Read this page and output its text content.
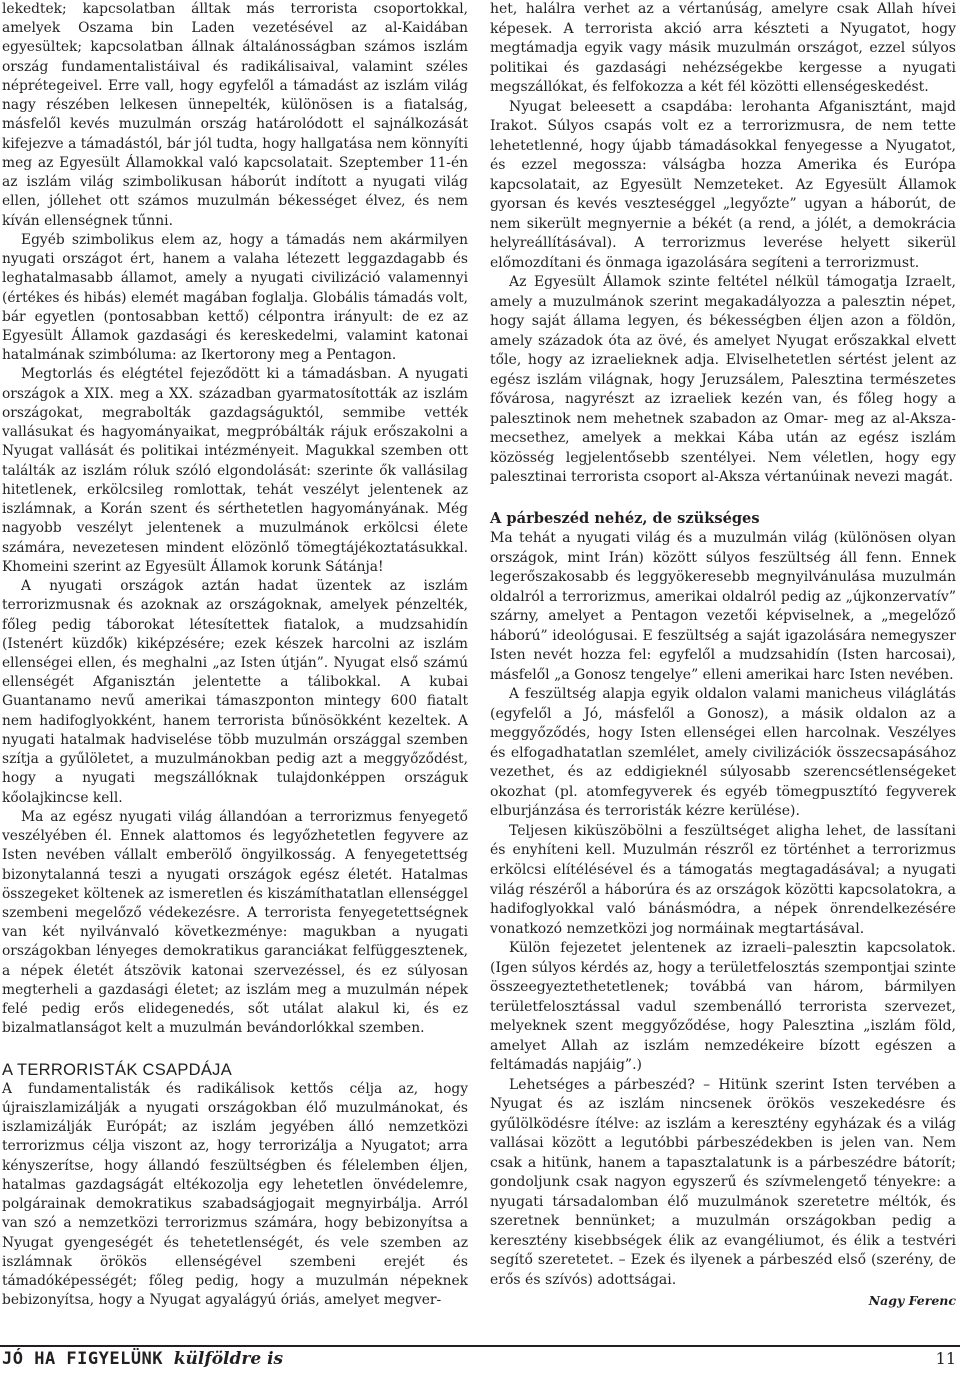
lekedtek; kapcsolatban álltak más terrorista csoportokkal, amelyek Oszama bin Laden vezetésével az al-Kaidában egyesültek; kapcsolatban állnak általánosságban számos iszlám ország fundamentalistáival és radikálisaival, valamint széles néprétegeivel. Erre vall, hogy egyfelől a támadást az iszlám világ nagy részében lelkesen ünnepelték, különösen is a fiatalság, másfelől kevés muzulmán ország határolódott el sajnálkozását kifejezve a támadástól, bár jól tudta, hogy hallgatása nem könnyíti meg az Egyesült Államokkal való kapcsolatait. Szeptember 11-én az iszlám világ szimbolikusan háborút indított a nyugati világ ellen, jóllehet ott számos muzulmán békességet élvez, és nem kíván ellenségnek tűnni.

Egyéb szimbolikus elem az, hogy a támadás nem akármilyen nyugati országot ért, hanem a valaha létezett leggazdagabb és leghatalmasabb államot, amely a nyugati civilizáció valamennyi (értékes és hibás) elemét magában foglalja. Globális támadás volt, bár egyetlen (pontosabban kettő) célpontra irányult: de ez az Egyesült Államok gazdasági és kereskedelmi, valamint katonai hatalmának szimbóluma: az Ikertorony meg a Pentagon.

Megtorlás és elégtétel fejeződött ki a támadásban. A nyugati országok a XIX. meg a XX. században gyarmatosították az iszlám országokat, megrabolták gazdagságuktól, semmibe vették vallásukat és hagyományaikat, megpróbálták rájuk erőszakolni a Nyugat vallását és politikai intézményeit. Magukkal szemben ott találták az iszlám róluk szóló elgondolását: szerinte ők vallásilag hitetlenek, erkölcsileg romlottak, tehát veszélyt jelentenek az iszlámnak, a Korán szent és sérthetetlen hagyományának. Még nagyobb veszélyt jelentenek a muzulmánok erkölcsi élete számára, nevezetesen mindent elözönlő tömegtájékoztatásukkal. Khomeini szerint az Egyesült Államok korunk Sátánja!

A nyugati országok aztán hadat üzentek az iszlám terrorizmusnak és azoknak az országoknak, amelyek pénzelték, főleg pedig táborokat létesítettek fiatalok, a mudzsahidín (Istenért küzdők) kiképzésére; ezek készek harcolni az iszlám ellenségei ellen, és meghalni „az Isten útján”. Nyugat első számú ellenségét Afganisztán jelentette a tálibokkal. A kubai Guantanamo nevű amerikai támaszponton mintegy 600 fiatalt nem hadifoglyokként, hanem terrorista bűnösökként kezeltek. A nyugati hatalmak hadviselése több muzulmán országgal szemben szítja a gyűlöletet, a muzulmánokban pedig azt a meggyőződést, hogy a nyugati megszállóknak tulajdonképpen országuk kőolajkincse kell.

Ma az egész nyugati világ állandóan a terrorizmus fenyegető veszélyében él. Ennek alattomos és legyőzhetetlen fegyvere az Isten nevében vállalt emberölő öngyilkosság. A fenyegetettség bizonytalanná teszi a nyugati országok egész életét. Hatalmas összegeket költenek az ismeretlen és kiszámíthatatlan ellenséggel szembeni megelőző védekezésre. A terrorista fenyegetettségnek van két nyilvánvaló következménye: magukban a nyugati országokban lényeges demokratikus garanciákat felfüggesztenek, a népek életét átszövik katonai szervezéssel, és ez súlyosan megterheli a gazdasági életet; az iszlám meg a muzulmán népek felé pedig erős elidegenedés, sőt utálat alakul ki, és ez bizalmatlanságot kelt a muzulmán bevándorlókkal szemben.

A TERRORISTÁK CSAPDÁJA

A fundamentalisták és radikálisok kettős célja az, hogy újraiszlamizálják a nyugati országokban élő muzulmánokat, és iszlamizálják Európát; az iszlám jegyében álló nemzetközi terrorizmus célja viszont az, hogy terrorizálja a Nyugatot; arra kényszerítse, hogy állandó feszültségben és félelemben éljen, hatalmas gazdagságát eltékozolja egy lehetetlen önvédelemre, polgárainak demokratikus szabadságjogait megnyirbálja. Arról van szó a nemzetközi terrorizmus számára, hogy bebizonyítsa a Nyugat gyengeségét és tehetetlenségét, és vele szemben az iszlámnak örökös ellenségével szembeni erejét és támadóképességét; főleg pedig, hogy a muzulmán népeknek bebizonyítsa, hogy a Nyugat agyalágyú óriás, amelyet megver-

het, halálra verhet az a vértanúság, amelyre csak Allah hívei képesek. A terrorista akció arra készteti a Nyugatot, hogy megtámadja egyik vagy másik muzulmán országot, ezzel súlyos politikai és gazdasági nehézségekbe kergesse a nyugati megszállókat, és felfokozza a két fél közötti ellenségeskedést.

Nyugat beleesett a csapdába: lerohanta Afganisztánt, majd Irakot. Súlyos csapás volt ez a terrorizmusra, de nem tette lehetetlenné, hogy újabb támadásokkal fenyegesse a Nyugatot, és ezzel megossza: válságba hozza Amerika és Európa kapcsolatait, az Egyesült Nemzeteket. Az Egyesült Államok gyorsan és kevés veszteséggel „legyőzte” ugyan a háborút, de nem sikerült megnyernie a békét (a rend, a jólét, a demokrácia helyreállításával). A terrorizmus leverése helyett sikerül előmozdítani és önmaga igazolására segíteni a terrorizmust.

Az Egyesült Államok szinte feltétel nélkül támogatja Izraelt, amely a muzulmánok szerint megakadályozza a palesztin népet, hogy saját állama legyen, és békességben éljen azon a földön, amely századok óta az övé, és amelyet Nyugat erőszakkal elvett tőle, hogy az izraelieknek adja. Elviselhetetlen sértést jelent az egész iszlám világnak, hogy Jeruzsálem, Palesztina természetes fővárosa, nagyrészt az izraeliek kezén van, és főleg hogy a palesztinok nem mehetnek szabadon az Omar- meg az al-Aksza-mecsethez, amelyek a mekkai Kába után az egész iszlám közösség legjelentősebb szentélyei. Nem véletlen, hogy egy palesztinai terrorista csoport al-Aksza vértanúinak nevezi magát.

A párbeszéd nehéz, de szükséges

Ma tehát a nyugati világ és a muzulmán világ (különösen olyan országok, mint Irán) között súlyos feszültség áll fenn. Ennek legerőszakosabb és leggyökeresebb megnyilvánulása muzulmán oldalról a terrorizmus, amerikai oldalról pedig az „újkonzervatív” szárny, amelyet a Pentagon vezetői képviselnek, a „megelőző háború” ideológusai. E feszültség a saját igazolására nemegyszer Isten nevét hozza fel: egyfelől a mudzsahidín (Isten harcosai), másfelől „a Gonosz tengelye” elleni amerikai harc Isten nevében.

A feszültség alapja egyik oldalon valami manicheus világlátás (egyfelől a Jó, másfelől a Gonosz), a másik oldalon az a meggyőződés, hogy Isten ellenségei ellen harcolnak. Veszélyes és elfogadhatatlan szemlélet, amely civilizációk összecsapásához vezethet, és az eddigieknél súlyosabb szerencsétlenségeket okozhat (pl. atomfegyverek és egyéb tömegpusztító fegyverek elburjánzása és terroristák kézre kerülése).

Teljesen kiküszöbölni a feszültséget aligha lehet, de lassítani és enyhíteni kell. Muzulmán részről ez történhet a terrorizmus erkölcsi elítélésével és a támogatás megtagadásával; a nyugati világ részéről a háborúra és az országok közötti kapcsolatokra, a hadifoglyokkal való bánásmódra, a népek önrendelkezésére vonatkozó nemzetközi jog normáinak megtartásával.

Külön fejezetet jelentenek az izraeli–palesztin kapcsolatok. (Igen súlyos kérdés az, hogy a területfelosztás szempontjai szinte összeegyeztethetetlenek; továbbá van három, bármilyen területfelosztással vadul szembenálló terrorista szervezet, melyeknek szent meggyőződése, hogy Palesztina „iszlám föld, amelyet Allah az iszlám nemzedékeire bízott egészen a feltámadás napjáig”.)

Lehetséges a párbeszéd? – Hitünk szerint Isten tervében a Nyugat és az iszlám nincsenek örökös veszekedésre és gyűlölködésre ítélve: az iszlám a keresztény egyházak és a világ vallásai között a legutóbbi párbeszédekben is jelen van. Nem csak a hitünk, hanem a tapasztalatunk is a párbeszédre bátorít; gondoljunk csak nagyon egyszerű és szívmelengető tényekre: a nyugati társadalomban élő muzulmánok szeretetre méltók, és szeretnek bennünket; a muzulmán országokban pedig a keresztény kisebbségek élik az evangéliumot, és élik a testvéri segítő szeretetet. – Ezek és ilyenek a párbeszéd első (szerény, de erős és szívós) adottságai.

Nagy Ferenc
JÓ HA FIGYELÜNK külföldre is	11
